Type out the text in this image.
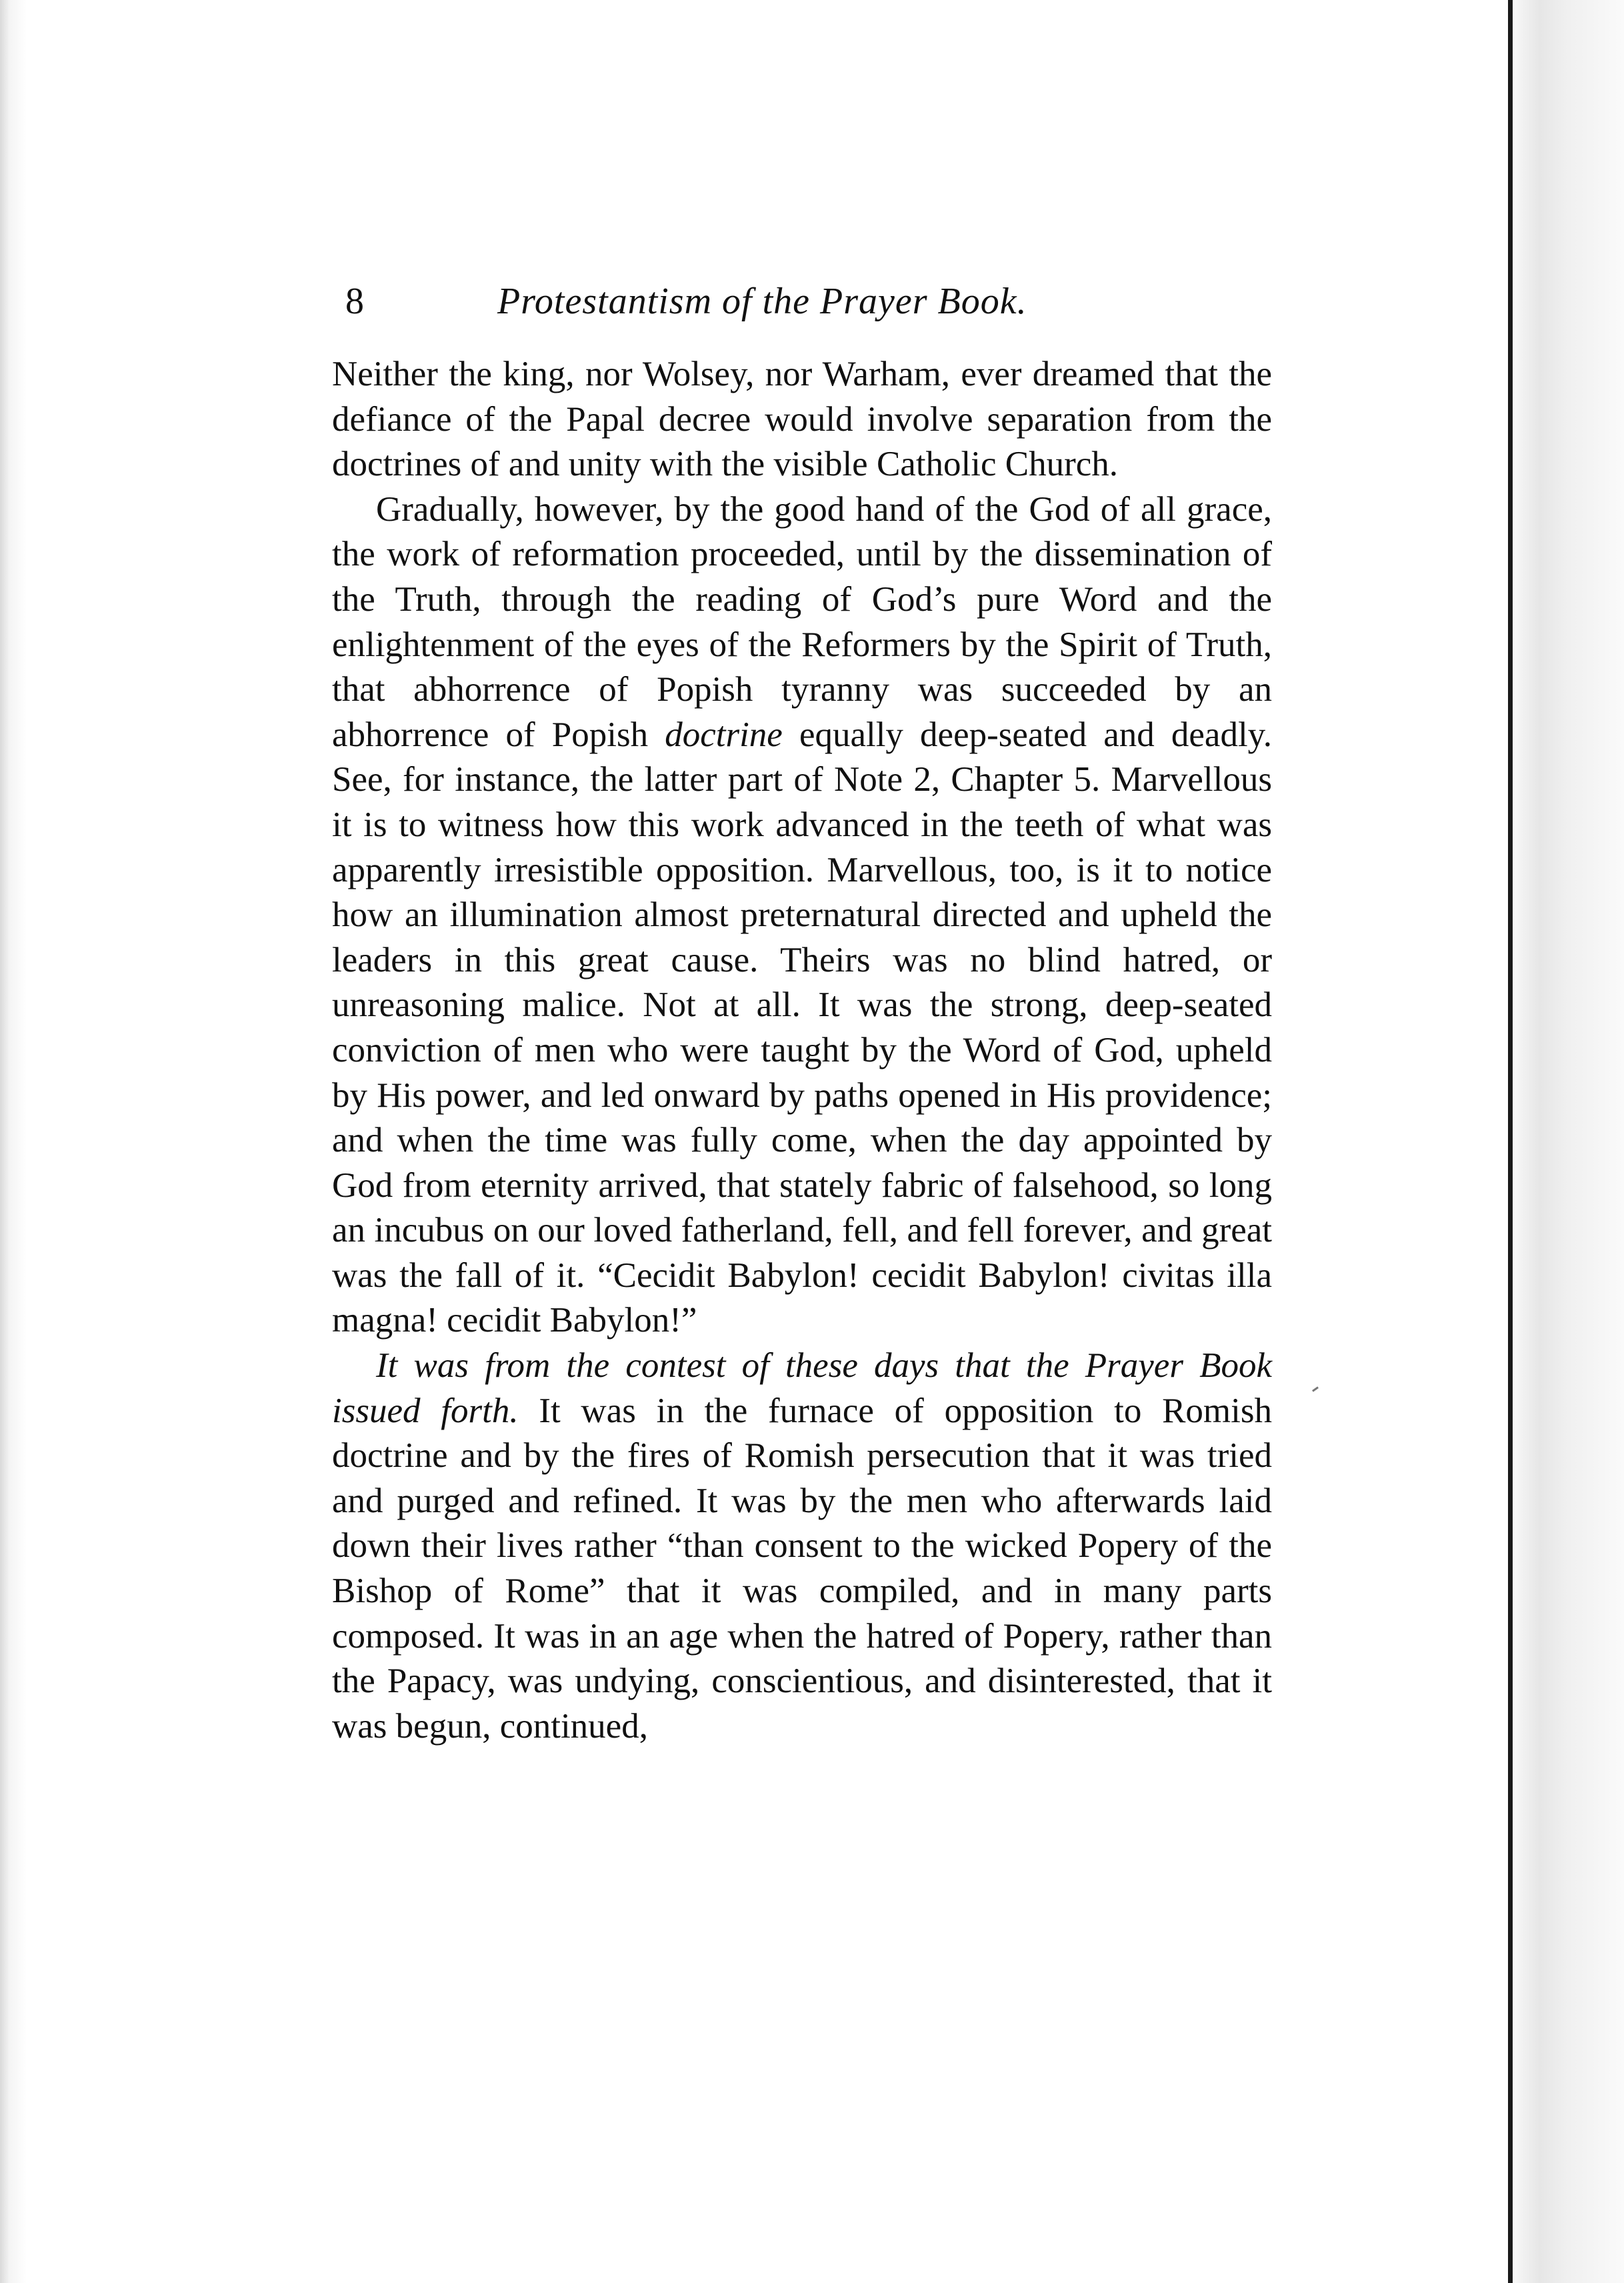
8	Protestantism of the Prayer Book.

Neither the king, nor Wolsey, nor Warham, ever dreamed that the defiance of the Papal decree would involve separation from the doctrines of and unity with the visible Catholic Church.

Gradually, however, by the good hand of the God of all grace, the work of reformation proceeded, until by the dissemination of the Truth, through the reading of God’s pure Word and the enlightenment of the eyes of the Reformers by the Spirit of Truth, that abhorrence of Popish tyranny was succeeded by an abhorrence of Popish doctrine equally deep-seated and deadly. See, for instance, the latter part of Note 2, Chapter 5. Marvellous it is to witness how this work advanced in the teeth of what was apparently irresistible opposition. Marvellous, too, is it to notice how an illumination almost preternatural directed and upheld the leaders in this great cause. Theirs was no blind hatred, or unreasoning malice. Not at all. It was the strong, deep-seated conviction of men who were taught by the Word of God, upheld by His power, and led onward by paths opened in His providence; and when the time was fully come, when the day appointed by God from eternity arrived, that stately fabric of falsehood, so long an incubus on our loved fatherland, fell, and fell forever, and great was the fall of it. “Cecidit Babylon! cecidit Babylon! civitas illa magna! cecidit Babylon!”

It was from the contest of these days that the Prayer Book issued forth. It was in the furnace of opposition to Romish doctrine and by the fires of Romish persecution that it was tried and purged and refined. It was by the men who afterwards laid down their lives rather “than consent to the wicked Popery of the Bishop of Rome” that it was compiled, and in many parts composed. It was in an age when the hatred of Popery, rather than the Papacy, was undying, conscientious, and disinterested, that it was begun, continued,
